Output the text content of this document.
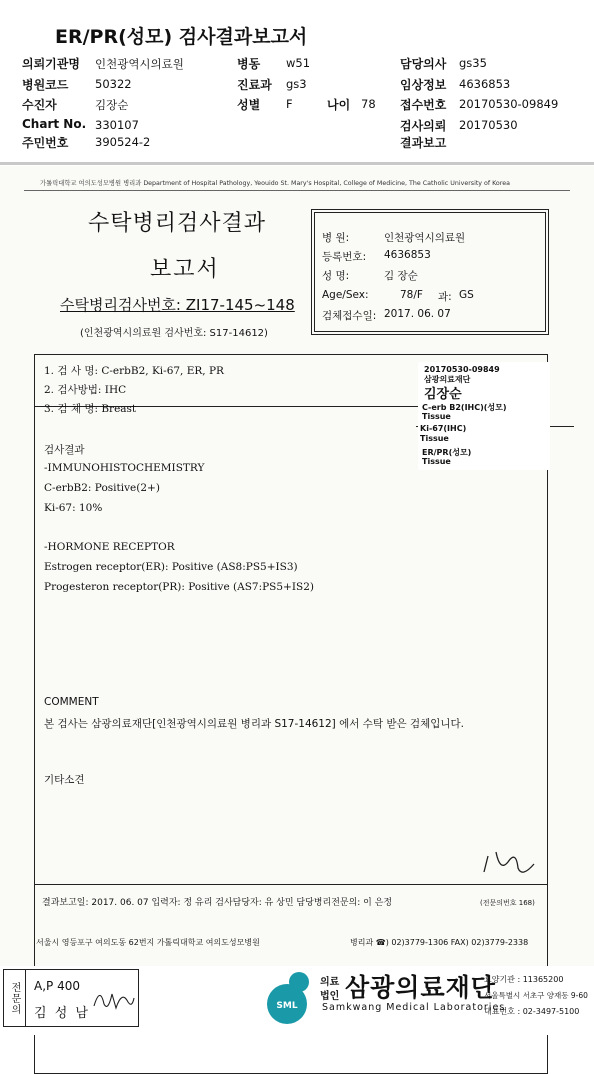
ER/PR(성모) 검사결과보고서
의뢰기관명 인천광역시의료원	병동 w51	담당의사 gs35
병원코드 50322	진료과 gs3	임상정보 4636853
수진자	김장순	성별 F	나이 78 접수번호 20170530-09849
Chart No. 330107	검사의뢰 20170530
주민번호 390524-2	결과보고
가톨릭대학교 여의도성모병원 병리과 Department of Hospital Pathology, Yeouido St. Mary's Hospital, College of Medicine, The Catholic University of Korea
수탁병리검사결과
보고서
수탁병리검사번호: ZI17-145~148
(인천광역시의료원 검사번호: S17-14612)
병 원:	인천광역시의료원
등록번호: 4636853
성 명:	김 장순
Age/Sex:	78/F 과: GS
검체접수일: 2017. 06. 07
1. 검 사 명: C-erbB2, Ki-67, ER, PR
2. 검사방법: IHC
3. 검 체 명: Breast
20170530-09849
삼광의료재단
김장순
C-erb B2(IHC)(성모)
Tissue
Ki-67(IHC)
Tissue
ER/PR(성모)
Tissue
검사결과
-IMMUNOHISTOCHEMISTRY
C-erbB2: Positive(2+)
Ki-67: 10%
-HORMONE RECEPTOR
Estrogen receptor(ER): Positive (AS8:PS5+IS3)
Progesteron receptor(PR): Positive (AS7:PS5+IS2)
COMMENT
본 검사는 삼광의료재단[인천광역시의료원 병리과 S17-14612] 에서 수탁 받은 검체입니다.
기타소견
결과보고일: 2017. 06. 07 입력자: 정 유리 검사담당자: 유 상민 담당병리전문의: 이 은정	(전문의번호 168)
서울시 영등포구 여의도동 62번지 가톨릭대학교 여의도성모병원	병리과 ☎) 02)3779-1306 FAX) 02)3779-2338
전문의	A,P 400
김 성 남	SML
의료
법인 삼광의료재단
Samkwang Medical Laboratories
요양기관 : 11365200
서울특별시 서초구 양재동 9-60
대표번호 : 02-3497-5100
